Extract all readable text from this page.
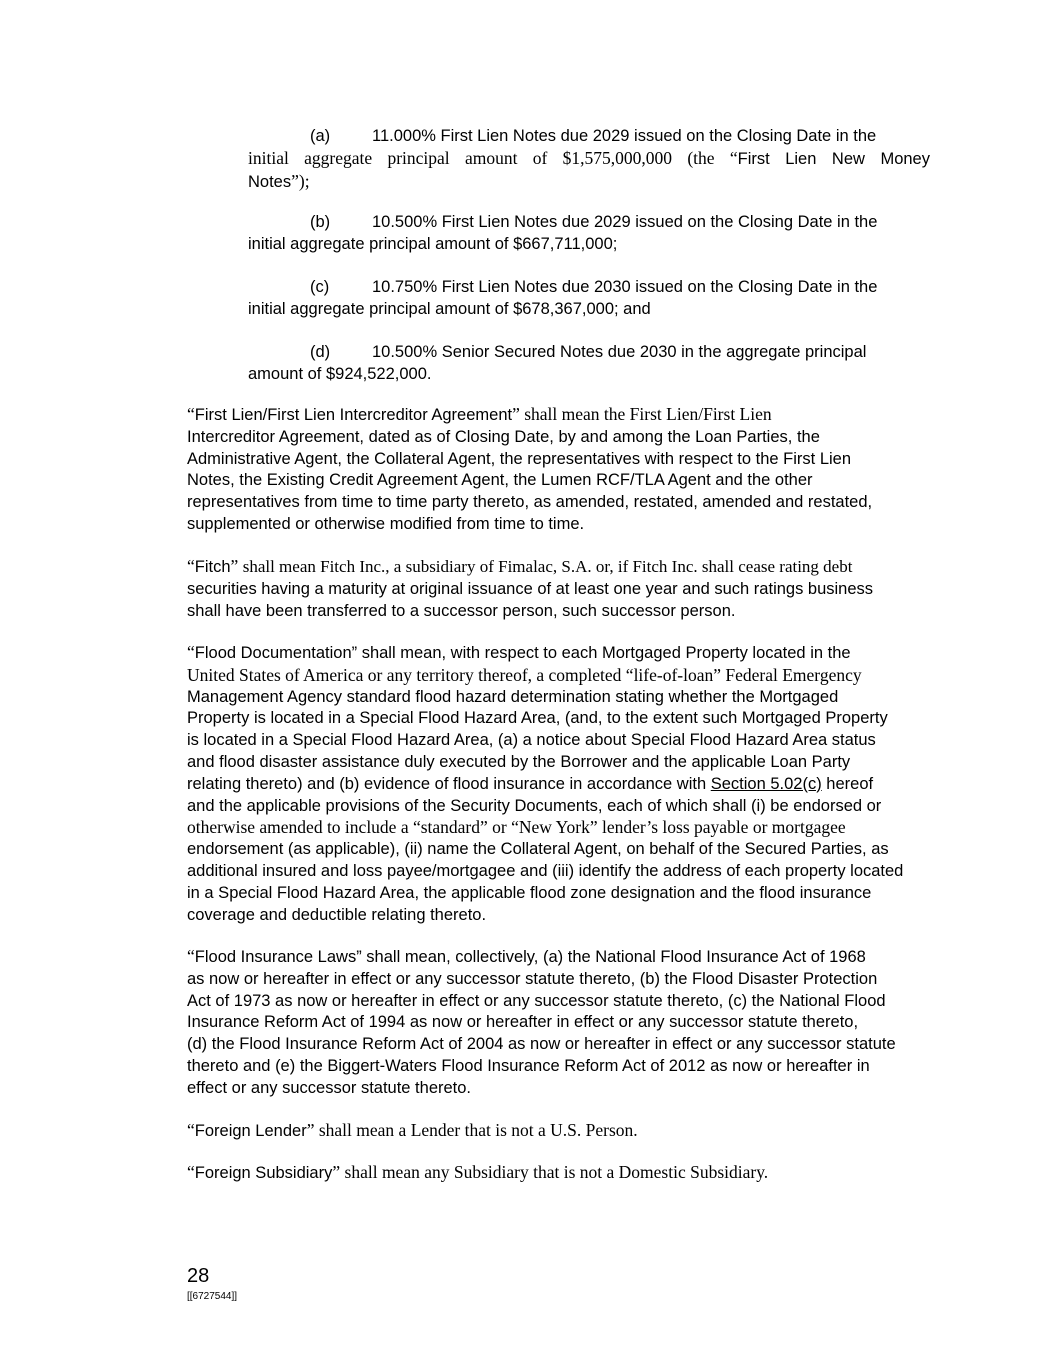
(a)	11.000% First Lien Notes due 2029 issued on the Closing Date in the
initial aggregate principal amount of $1,575,000,000 (the “First Lien New Money
Notes”);
(b)	10.500% First Lien Notes due 2029 issued on the Closing Date in the
initial aggregate principal amount of $667,711,000;
(c)	10.750% First Lien Notes due 2030 issued on the Closing Date in the
initial aggregate principal amount of $678,367,000; and
(d)	10.500% Senior Secured Notes due 2030 in the aggregate principal
amount of $924,522,000.
“First Lien/First Lien Intercreditor Agreement” shall mean the First Lien/First Lien
Intercreditor Agreement, dated as of Closing Date, by and among the Loan Parties, the
Administrative Agent, the Collateral Agent, the representatives with respect to the First Lien
Notes, the Existing Credit Agreement Agent, the Lumen RCF/TLA Agent and the other
representatives from time to time party thereto, as amended, restated, amended and restated,
supplemented or otherwise modified from time to time.
“Fitch” shall mean Fitch Inc., a subsidiary of Fimalac, S.A. or, if Fitch Inc. shall cease rating debt
securities having a maturity at original issuance of at least one year and such ratings business
shall have been transferred to a successor person, such successor person.
“Flood Documentation” shall mean, with respect to each Mortgaged Property located in the
United States of America or any territory thereof, a completed “life-of-loan” Federal Emergency
Management Agency standard flood hazard determination stating whether the Mortgaged
Property is located in a Special Flood Hazard Area, (and, to the extent such Mortgaged Property
is located in a Special Flood Hazard Area, (a) a notice about Special Flood Hazard Area status
and flood disaster assistance duly executed by the Borrower and the applicable Loan Party
relating thereto) and (b) evidence of flood insurance in accordance with Section 5.02(c) hereof
and the applicable provisions of the Security Documents, each of which shall (i) be endorsed or
otherwise amended to include a “standard” or “New York” lender’s loss payable or mortgagee
endorsement (as applicable), (ii) name the Collateral Agent, on behalf of the Secured Parties, as
additional insured and loss payee/mortgagee and (iii) identify the address of each property located
in a Special Flood Hazard Area, the applicable flood zone designation and the flood insurance
coverage and deductible relating thereto.
“Flood Insurance Laws” shall mean, collectively, (a) the National Flood Insurance Act of 1968
as now or hereafter in effect or any successor statute thereto, (b) the Flood Disaster Protection
Act of 1973 as now or hereafter in effect or any successor statute thereto, (c) the National Flood
Insurance Reform Act of 1994 as now or hereafter in effect or any successor statute thereto,
(d) the Flood Insurance Reform Act of 2004 as now or hereafter in effect or any successor statute
thereto and (e) the Biggert-Waters Flood Insurance Reform Act of 2012 as now or hereafter in
effect or any successor statute thereto.
“Foreign Lender” shall mean a Lender that is not a U.S. Person.
“Foreign Subsidiary” shall mean any Subsidiary that is not a Domestic Subsidiary.
28
[[6727544]]
